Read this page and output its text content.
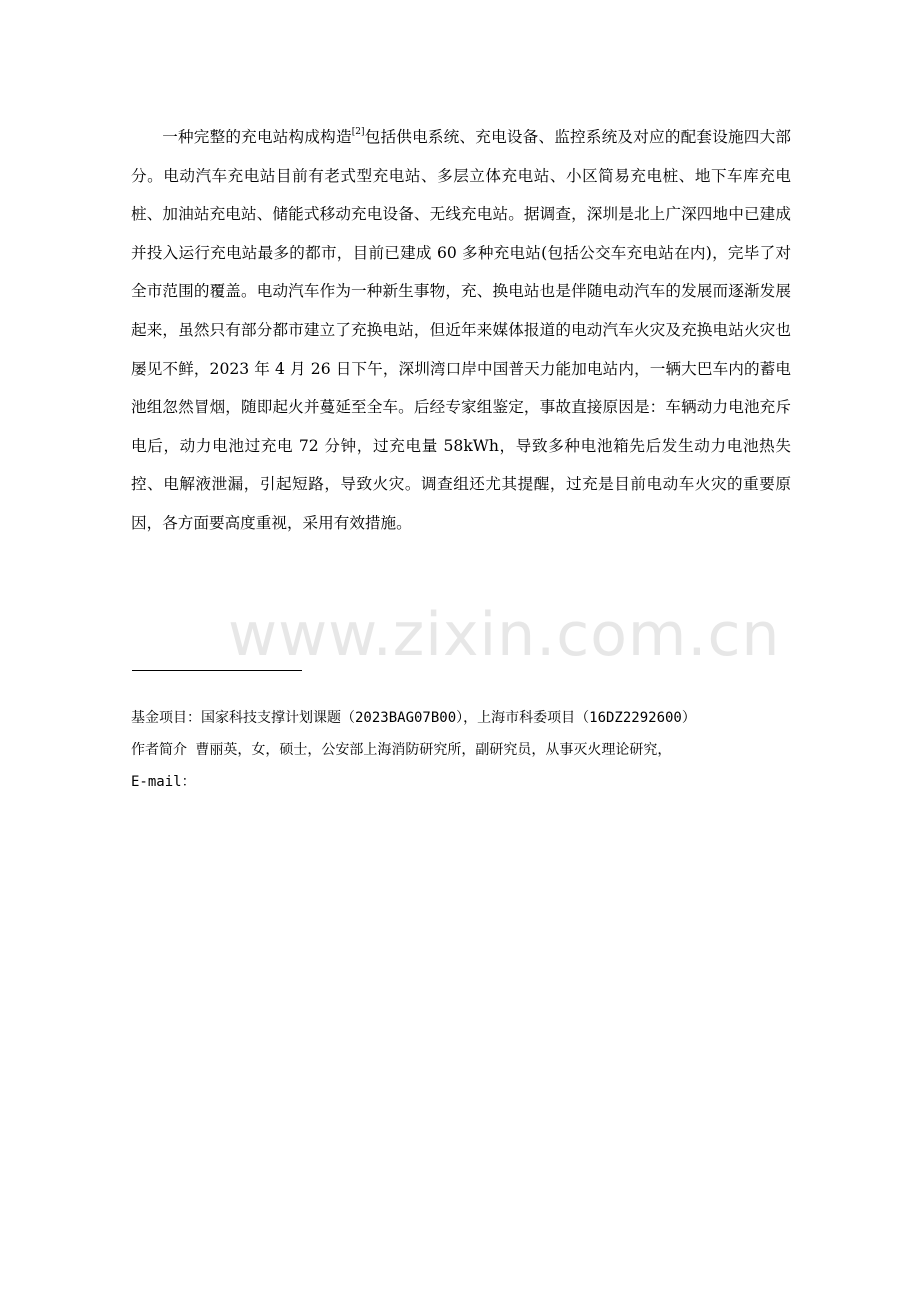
一种完整的充电站构成构造[2]包括供电系统、充电设备、监控系统及对应的配套设施四大部分。电动汽车充电站目前有老式型充电站、多层立体充电站、小区简易充电桩、地下车库充电桩、加油站充电站、储能式移动充电设备、无线充电站。据调查，深圳是北上广深四地中已建成并投入运行充电站最多的都市，目前已建成 60 多种充电站(包括公交车充电站在内)，完毕了对全市范围的覆盖。电动汽车作为一种新生事物，充、换电站也是伴随电动汽车的发展而逐渐发展起来，虽然只有部分都市建立了充换电站，但近年来媒体报道的电动汽车火灾及充换电站火灾也屡见不鲜，2023 年 4 月 26 日下午，深圳湾口岸中国普天力能加电站内，一辆大巴车内的蓄电池组忽然冒烟，随即起火并蔓延至全车。后经专家组鉴定，事故直接原因是：车辆动力电池充斥电后，动力电池过充电 72 分钟，过充电量 58kWh，导致多种电池箱先后发生动力电池热失控、电解液泄漏，引起短路，导致火灾。调查组还尤其提醒，过充是目前电动车火灾的重要原因，各方面要高度重视，采用有效措施。

www.zixin.com.cn
基金项目：国家科技支撑计划课题（2023BAG07B00），上海市科委项目（16DZ2292600）
作者简介 曹丽英，女，硕士，公安部上海消防研究所，副研究员，从事灭火理论研究，
E-mail：
